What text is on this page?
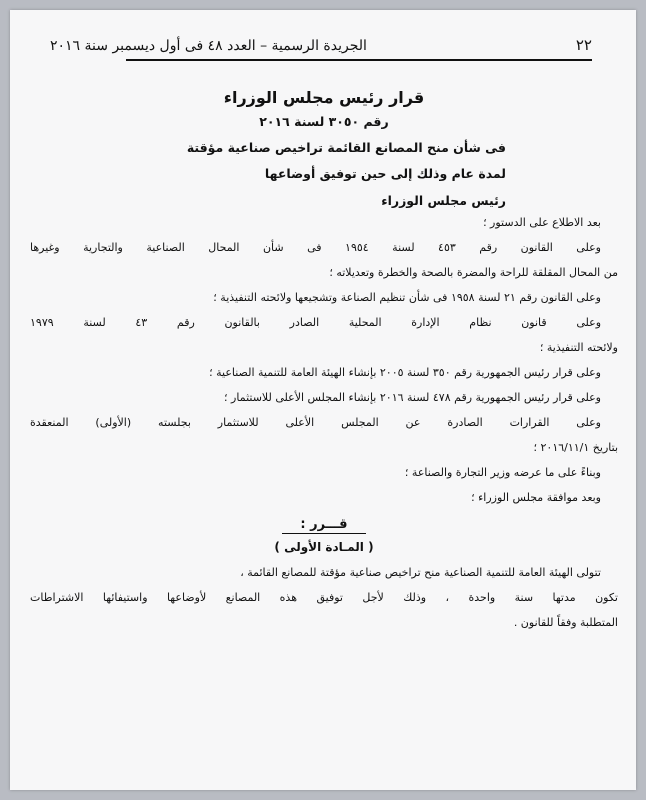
٢٢
الجريدة الرسمية – العدد ٤٨ فى أول ديسمبر سنة ٢٠١٦
قرار رئيس مجلس الوزراء
رقم ٣٠٥٠ لسنة ٢٠١٦
فى شأن منح المصانع القائمة تراخيص صناعية مؤقتة
لمدة عام وذلك إلى حين توفيق أوضاعها
رئيس مجلس الوزراء
بعد الاطلاع على الدستور ؛
وعلى القانون رقم ٤٥٣ لسنة ١٩٥٤ فى شأن المحال الصناعية والتجارية وغيرها
من المحال المقلقة للراحة والمضرة بالصحة والخطرة وتعديلاته ؛
وعلى القانون رقم ٢١ لسنة ١٩٥٨ فى شأن تنظيم الصناعة وتشجيعها ولائحته التنفيذية ؛
وعلى قانون نظام الإدارة المحلية الصادر بالقانون رقم ٤٣ لسنة ١٩٧٩
ولائحته التنفيذية ؛
وعلى قرار رئيس الجمهورية رقم ٣٥٠ لسنة ٢٠٠٥ بإنشاء الهيئة العامة للتنمية الصناعية ؛
وعلى قرار رئيس الجمهورية رقم ٤٧٨ لسنة ٢٠١٦ بإنشاء المجلس الأعلى للاستثمار ؛
وعلى القرارات الصادرة عن المجلس الأعلى للاستثمار بجلسته (الأولى) المنعقدة
بتاريخ ٢٠١٦/١١/١ ؛
وبناءً على ما عرضه وزير التجارة والصناعة ؛
وبعد موافقة مجلس الوزراء ؛
قـــرر :
( المـادة الأولى )
تتولى الهيئة العامة للتنمية الصناعية منح تراخيص صناعية مؤقتة للمصانع القائمة ،
تكون مدتها سنة واحدة ، وذلك لأجل توفيق هذه المصانع لأوضاعها واستيفائها الاشتراطات
المتطلبة وفقاً للقانون .
